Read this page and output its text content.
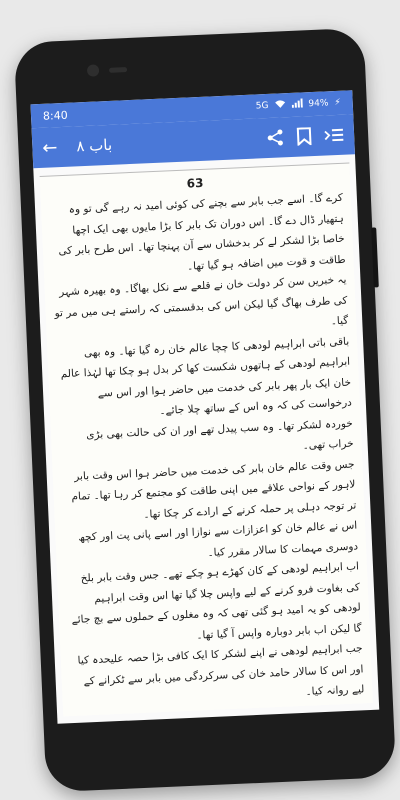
8:40
5G	94% ⚡
←	باب ۸
63

کرے گا۔ اسے جب بابر سے بچنے کی کوئی امید نہ رہے گی تو وہ ہتھیار ڈال دے گا۔ اس دوران تک بابر کا بڑا مایوں بھی ایک اچھا خاصا بڑا لشکر لے کر بدخشاں سے آن پہنچا تھا۔ اس طرح بابر کی طاقت و قوت میں اضافہ ہو گیا تھا۔

یہ خبریں سن کر دولت خان نے قلعے سے نکل بھاگا۔ وہ بھیرہ شہر کی طرف بھاگ گیا لیکن اس کی بدقسمتی کہ راستے ہی میں مر تو گیا۔

باقی باتی ابراہیم لودھی کا چچا عالم خان رہ گیا تھا۔ وہ بھی ابراہیم لودھی کے ہاتھوں شکست کھا کر بدل ہو چکا تھا لہٰذا عالم خان ایک بار پھر بابر کی خدمت میں حاضر ہوا اور اس سے درخواست کی کہ وہ اس کے ساتھ چلا جائے۔

خوردہ لشکر تھا۔ وہ سب پیدل تھے اور ان کی حالت بھی بڑی خراب تھی۔

جس وقت عالم خان بابر کی خدمت میں حاضر ہوا اس وقت بابر لاہور کے نواحی علاقے میں اپنی طاقت کو مجتمع کر رہا تھا۔ تمام تر توجہ دہلی پر حملہ کرنے کے ارادے کر چکا تھا۔

اس نے عالم خان کو اعزازات سے نوازا اور اسے پانی پت اور کچھ دوسری مہمات کا سالار مقرر کیا۔

اب ابراہیم لودھی کے کان کھڑے ہو چکے تھے۔ جس وقت بابر بلخ کی بغاوت فرو کرنے کے لیے واپس چلا گیا تھا اس وقت ابراہیم لودھی کو یہ امید ہو گئی تھی کہ وہ مغلوں کے حملوں سے بچ جائے گا لیکن اب بابر دوبارہ واپس آ گیا تھا۔

جب ابراہیم لودھی نے اپنے لشکر کا ایک کافی بڑا حصہ علیحدہ کیا اور اس کا سالار حامد خان کی سرکردگی میں بابر سے ٹکرانے کے لیے روانہ کیا۔
